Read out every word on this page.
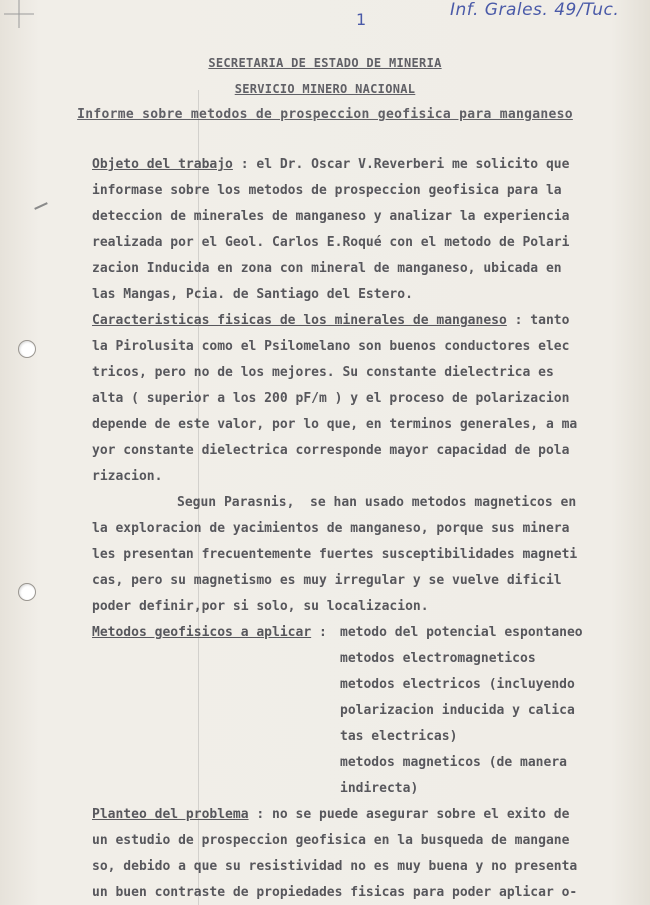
1	Inf. Grales. 49/Tuc.
SECRETARIA DE ESTADO DE MINERIA
SERVICIO MINERO NACIONAL
Informe sobre metodos de prospeccion geofisica para manganeso
Objeto del trabajo : el Dr. Oscar V.Reverberi me solicito que
informase sobre los metodos de prospeccion geofisica para la
deteccion de minerales de manganeso y analizar la experiencia
realizada por el Geol. Carlos E.Roqué con el metodo de Polari
zacion Inducida en zona con mineral de manganeso, ubicada en
las Mangas, Pcia. de Santiago del Estero.
Caracteristicas fisicas de los minerales de manganeso : tanto
la Pirolusita como el Psilomelano son buenos conductores elec
tricos, pero no de los mejores. Su constante dielectrica es
alta ( superior a los 200 pF/m ) y el proceso de polarizacion
depende de este valor, por lo que, en terminos generales, a ma
yor constante dielectrica corresponde mayor capacidad de pola
rizacion.
Segun Parasnis,  se han usado metodos magneticos en
la exploracion de yacimientos de manganeso, porque sus minera
les presentan frecuentemente fuertes susceptibilidades magneti
cas, pero su magnetismo es muy irregular y se vuelve dificil
poder definir,por si solo, su localizacion.
Metodos geofisicos a aplicar : metodo del potencial espontaneo
metodos electromagneticos
metodos electricos (incluyendo
polarizacion inducida y calica
tas electricas)
metodos magneticos (de manera
indirecta)
Planteo del problema : no se puede asegurar sobre el exito de
un estudio de prospeccion geofisica en la busqueda de mangane
so, debido a que su resistividad no es muy buena y no presenta
un buen contraste de propiedades fisicas para poder aplicar o-
